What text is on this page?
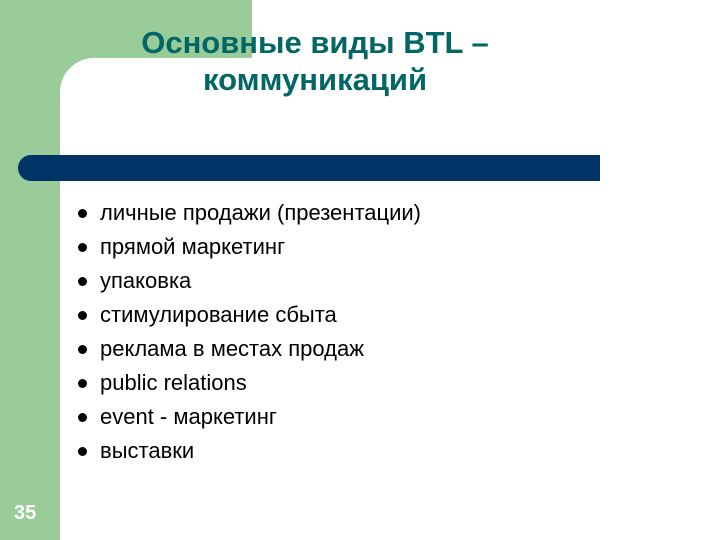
Основные виды BTL –
коммуникаций
личные продажи (презентации)
прямой маркетинг
упаковка
стимулирование сбыта
реклама в местах продаж
public relations
event - маркетинг
выставки
35
